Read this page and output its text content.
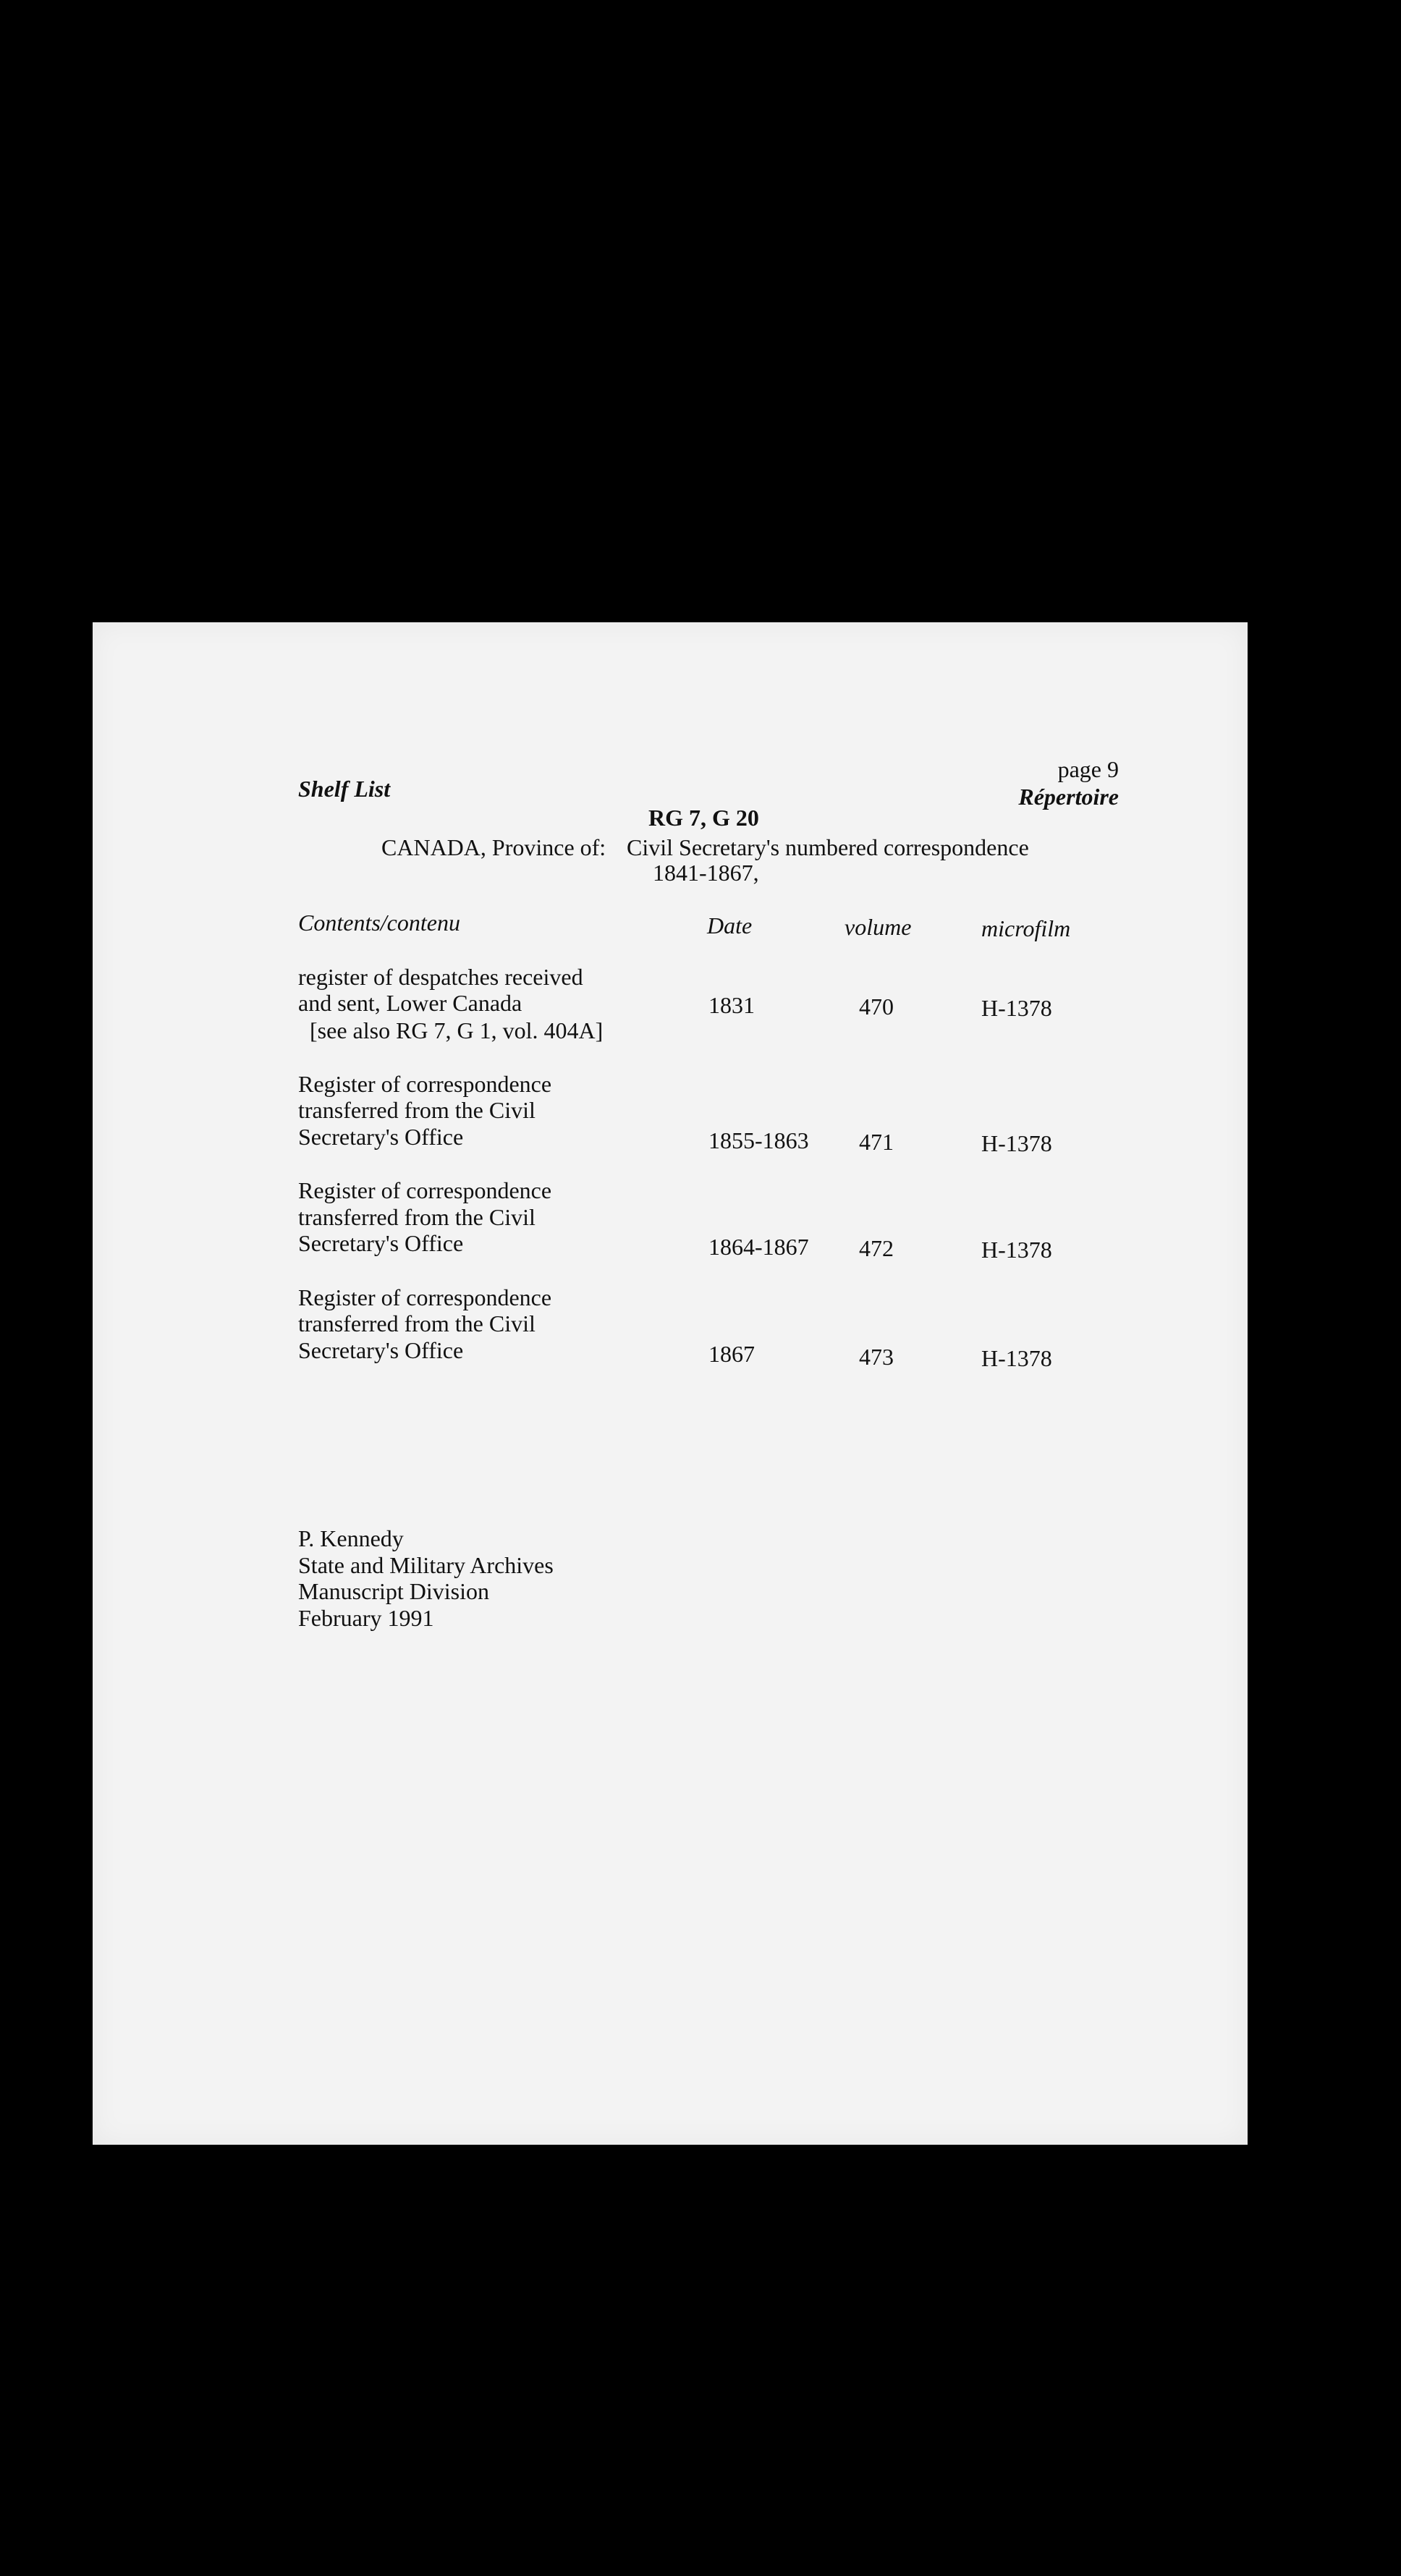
Shelf List
page 9
Répertoire
RG 7, G 20
CANADA, Province of: Civil Secretary's numbered correspondence
1841-1867,
Contents/contenu	Date	volume	microfilm
register of despatches received
and sent, Lower Canada
[see also RG 7, G 1, vol. 404A]
1831	470	H-1378
Register of correspondence
transferred from the Civil
Secretary's Office	1855-1863 471	H-1378
Register of correspondence
transferred from the Civil
Secretary's Office	1864-1867 472	H-1378
Register of correspondence
transferred from the Civil
Secretary's Office	1867	473	H-1378
P. Kennedy
State and Military Archives
Manuscript Division
February 1991
